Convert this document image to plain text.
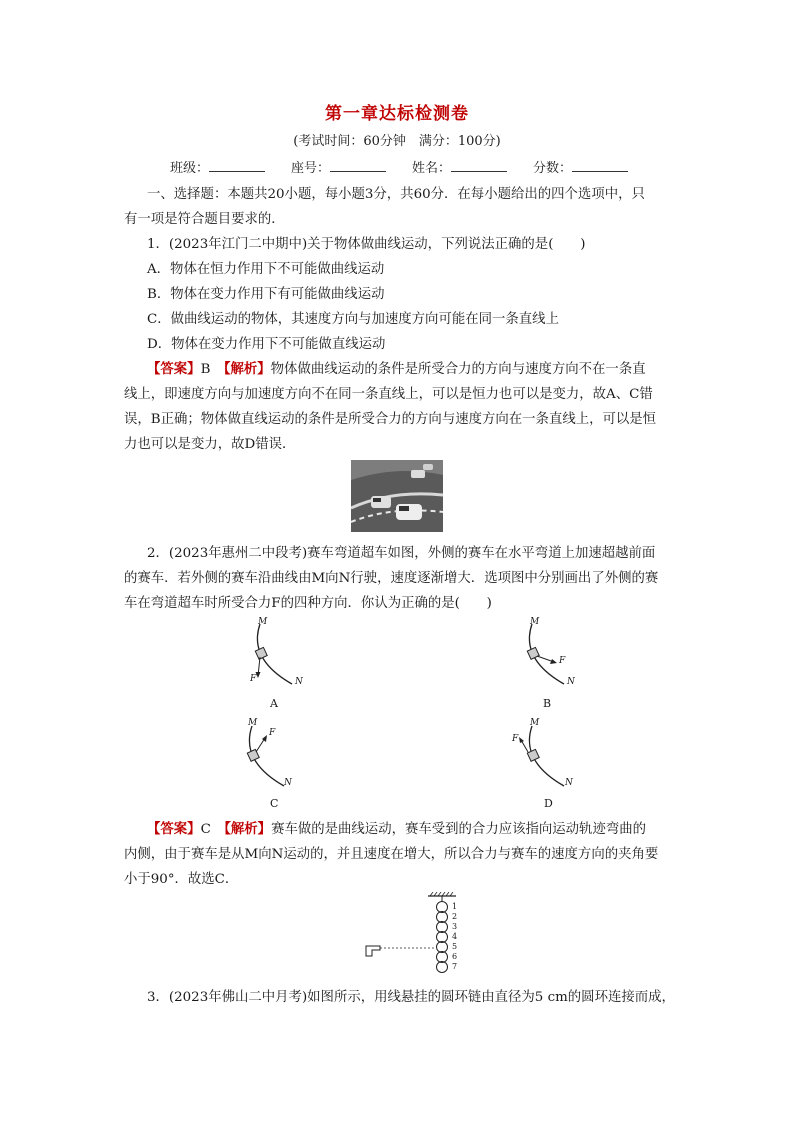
第一章达标检测卷
(考试时间：60分钟　满分：100分)
班级：	座号：	姓名：	分数：
一、选择题：本题共20小题，每小题3分，共60分．在每小题给出的四个选项中，只
有一项是符合题目要求的．
1．(2023年江门二中期中)关于物体做曲线运动，下列说法正确的是(　　)
A．物体在恒力作用下不可能做曲线运动
B．物体在变力作用下有可能做曲线运动
C．做曲线运动的物体，其速度方向与加速度方向可能在同一条直线上
D．物体在变力作用下不可能做直线运动
【答案】B　 【解析】物体做曲线运动的条件是所受合力的方向与速度方向不在一条直
线上，即速度方向与加速度方向不在同一条直线上，可以是恒力也可以是变力，故A、C错
误，B正确；物体做直线运动的条件是所受合力的方向与速度方向在一条直线上，可以是恒
力也可以是变力，故D错误．
2．(2023年惠州二中段考)赛车弯道超车如图，外侧的赛车在水平弯道上加速超越前面
的赛车．若外侧的赛车沿曲线由M向N行驶，速度逐渐增大．选项图中分别画出了外侧的赛
车在弯道超车时所受合力F的四种方向．你认为正确的是(　　)
M
F	N
A
M
F
N
B
M
F
N
C
M
F
N
D
【答案】C　 【解析】赛车做的是曲线运动，赛车受到的合力应该指向运动轨迹弯曲的
内侧，由于赛车是从M向N运动的，并且速度在增大，所以合力与赛车的速度方向的夹角要
小于90°．故选C．
1
2
3
4
5
6
7
3．(2023年佛山二中月考)如图所示，用线悬挂的圆环链由直径为5 cm的圆环连接而成，
